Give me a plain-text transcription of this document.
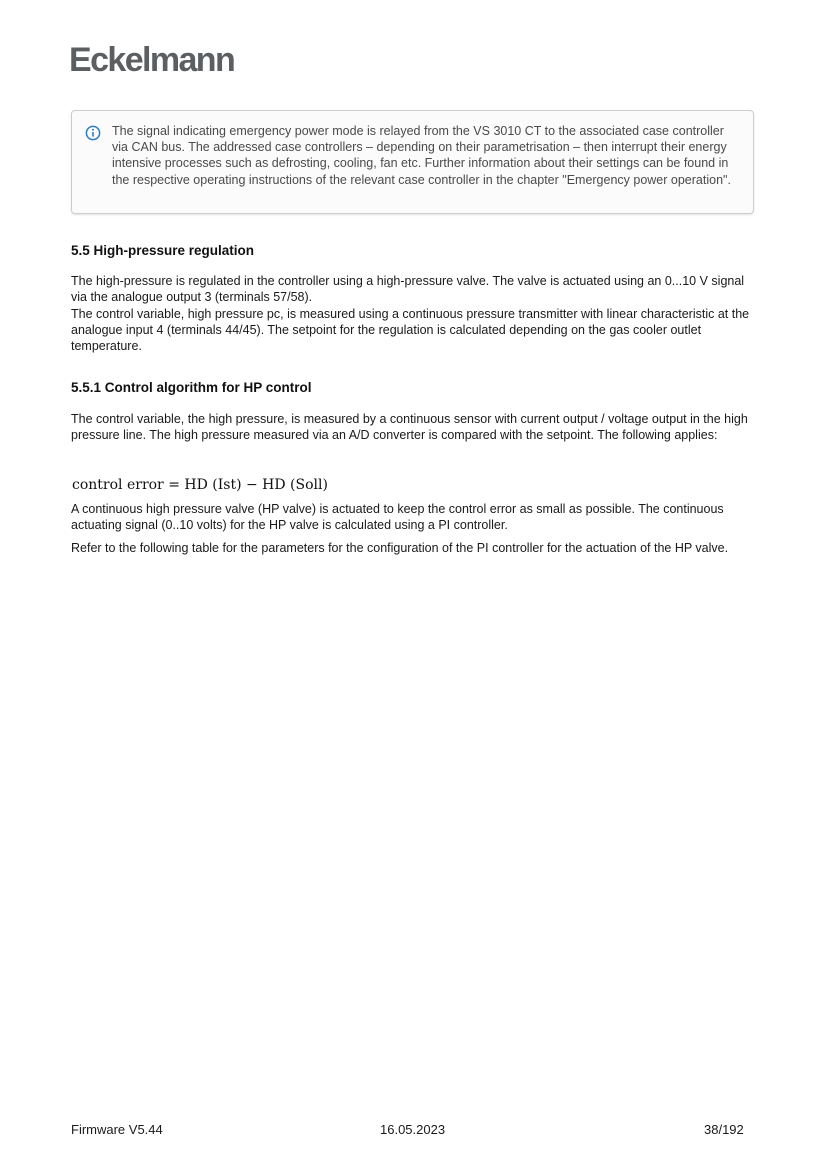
Eckelmann

The signal indicating emergency power mode is relayed from the VS 3010 CT to the associated case controller via CAN bus. The addressed case controllers – depending on their parametrisation – then interrupt their energy intensive processes such as defrosting, cooling, fan etc. Further information about their settings can be found in the respective operating instructions of the relevant case controller in the chapter "Emergency power operation".

5.5 High-pressure regulation

The high-pressure is regulated in the controller using a high-pressure valve. The valve is actuated using an 0...10 V signal via the analogue output 3 (terminals 57/58).

The control variable, high pressure pc, is measured using a continuous pressure transmitter with linear characteristic at the analogue input 4 (terminals 44/45). The setpoint for the regulation is calculated depending on the gas cooler outlet temperature.

5.5.1 Control algorithm for HP control

The control variable, the high pressure, is measured by a continuous sensor with current output / voltage output in the high pressure line. The high pressure measured via an A/D converter is compared with the setpoint. The following applies:

control error = HD (Ist) − HD (Soll)

A continuous high pressure valve (HP valve) is actuated to keep the control error as small as possible. The continuous actuating signal (0..10 volts) for the HP valve is calculated using a PI controller.

Refer to the following table for the parameters for the configuration of the PI controller for the actuation of the HP valve.

Firmware V5.44	16.05.2023	38/192
